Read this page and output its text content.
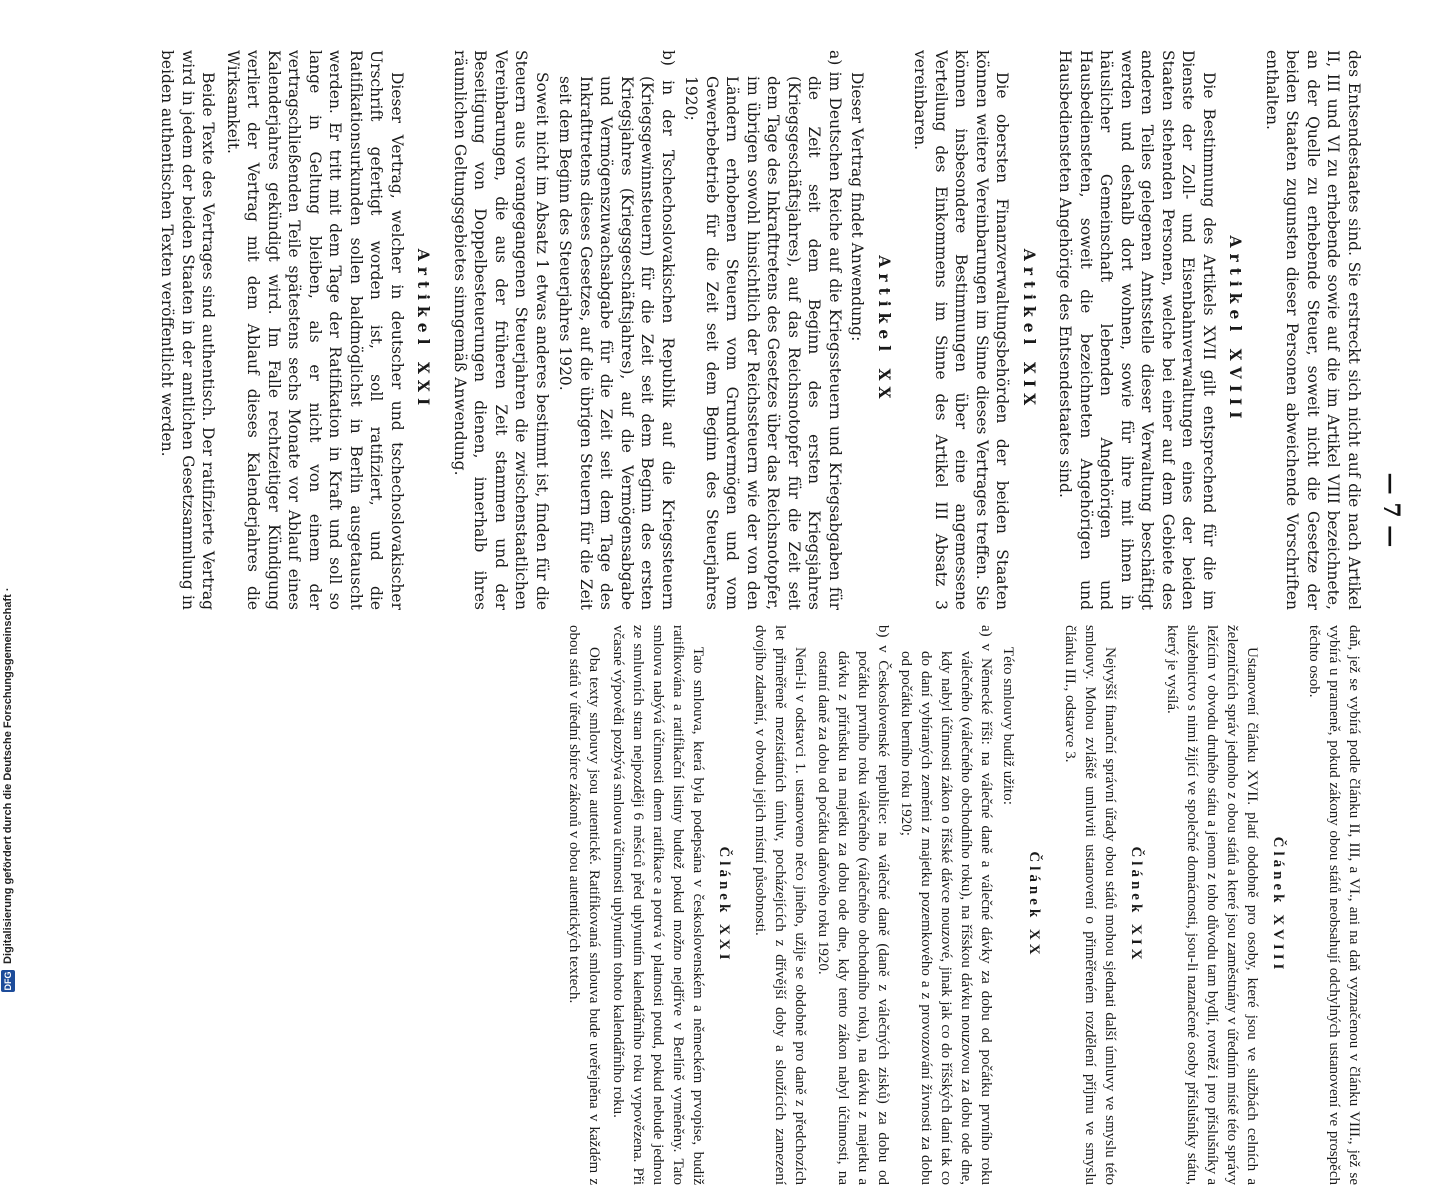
— 7 —

des Entsendestaates sind. Sie erstreckt sich nicht auf die nach Artikel II, III und VI zu erhebende sowie auf die im Artikel VIII bezeichnete, an der Quelle zu erhebende Steuer, soweit nicht die Gesetze der beiden Staaten zugunsten dieser Personen abweichende Vorschriften enthalten.

Artikel XVIII

Die Bestimmung des Artikels XVII gilt entsprechend für die im Dienste der Zoll- und Eisenbahnverwaltungen eines der beiden Staaten stehenden Personen, welche bei einer auf dem Gebiete des anderen Teiles gelegenen Amtsstelle dieser Verwaltung beschäftigt werden und deshalb dort wohnen, sowie für ihre mit ihnen in häuslicher Gemeinschaft lebenden Angehörigen und Hausbediensteten, soweit die bezeichneten Angehörigen und Hausbediensteten Angehörige des Entsendestaates sind.

Artikel XIX

Die obersten Finanzverwaltungsbehörden der beiden Staaten können weitere Vereinbarungen im Sinne dieses Vertrages treffen. Sie können insbesondere Bestimmungen über eine angemessene Verteilung des Einkommens im Sinne des Artikel III Absatz 3 vereinbaren.

Artikel XX

Dieser Vertrag findet Anwendung:

a) im Deutschen Reiche auf die Kriegssteuern und Kriegsabgaben für die Zeit seit dem Beginn des ersten Kriegsjahres (Kriegsgeschäftsjahres), auf das Reichsnotopfer für die Zeit seit dem Tage des Inkrafttretens des Gesetzes über das Reichsnotopfer, im übrigen sowohl hinsichtlich der Reichssteuern wie der von den Ländern erhobenen Steuern vom Grundvermögen und vom Gewerbebetrieb für die Zeit seit dem Beginn des Steuerjahres 1920;

b) in der Tschechoslovakischen Republik auf die Kriegssteuern (Kriegsgewinnsteuern) für die Zeit seit dem Beginn des ersten Kriegsjahres (Kriegsgeschäftsjahres), auf die Vermögensabgabe und Vermögenszuwachsabgabe für die Zeit seit dem Tage des Inkrafttretens dieses Gesetzes, auf die übrigen Steuern für die Zeit seit dem Beginn des Steuerjahres 1920.

Soweit nicht im Absatz 1 etwas anderes bestimmt ist, finden für die Steuern aus vorangegangenen Steuerjahren die zwischenstaatlichen Vereinbarungen, die aus der früheren Zeit stammen und der Beseitigung von Doppelbesteuerungen dienen, innerhalb ihres räumlichen Geltungsgebietes sinngemäß Anwendung.

Artikel XXI

Dieser Vertrag, welcher in deutscher und tschechoslovakischer Urschrift gefertigt worden ist, soll ratifiziert, und die Ratifikationsurkunden sollen baldmöglichst in Berlin ausgetauscht werden. Er tritt mit dem Tage der Ratifikation in Kraft und soll so lange in Geltung bleiben, als er nicht von einem der vertragschließenden Teile spätestens sechs Monate vor Ablauf eines Kalenderjahres gekündigt wird. Im Falle rechtzeitiger Kündigung verliert der Vertrag mit dem Ablauf dieses Kalenderjahres die Wirksamkeit.

Beide Texte des Vertrages sind authentisch. Der ratifizierte Vertrag wird in jedem der beiden Staaten in der amtlichen Gesetzsammlung in beiden authentischen Texten veröffentlicht werden.

daň, jež se vybírá podle článku II, III, a VI., ani na daň vyznačenou v článku VIII., jež se vybírá u prameně, pokud zákony obou států neobsahují odchylných ustanovení ve prospěch těchto osob.

Článek XVIII

Ustanovení článku XVII. platí obdobně pro osoby, které jsou ve službách celních a železničních správ jednoho z obou států a které jsou zaměstnány v úředním místě této správy ležícím v obvodu druhého státu a jenom z toho důvodu tam bydlí, rovněž i pro příslušníky a služebnictvo s nimi žijící ve společné domácnosti, jsou-li naznačené osoby příslušníky státu, který je vysílá.

Článek XIX

Nejvyšší finanční správní úřady obou států mohou sjednati další úmluvy ve smyslu této smlouvy. Mohou zvláště umluviti ustanovení o přiměřeném rozdělení příjmu ve smyslu článku III., odstavce 3.

Článek XX

Této smlouvy budiž užito:

a) v Německé říši: na válečné daně a válečné dávky za dobu od počátku prvního roku válečného (válečného obchodního roku), na říšskou dávku nouzovou za dobu ode dne, kdy nabyl účinnosti zákon o říšské dávce nouzové, jinak jak co do říšských daní tak co do daní vybíraných zeměmi z majetku pozemkového a z provozování živnosti za dobu od počátku berního roku 1920;

b) v Československé republice: na válečné daně (daně z válečných zisků) za dobu od počátku prvního roku válečného (válečného obchodního roku), na dávku z majetku a dávku z přírůstku na majetku za dobu ode dne, kdy tento zákon nabyl účinnosti, na ostatní daně za dobu od počátku daňového roku 1920.

Není-li v odstavci 1. ustanoveno něco jiného, užije se obdobně pro daně z předchozích let přiměřeně mezistátních úmluv, pocházejících z dřívější doby a sloužících zamezení dvojího zdanění, v obvodu jejich místní působnosti.

Článek XXI

Tato smlouva, která byla podepsána v československém a německém prvopise, budiž ratifikována a ratifikační listiny budtež pokud možno nejdříve v Berlíně vyměněny. Tato smlouva nabývá účinnosti dnem ratifikace a potrvá v platnosti potud, pokud nebude jednou ze smluvních stran nejpozději 6 měsíců před uplynutím kalendářního roku vypovězena. Při včasné výpovědi pozbývá smlouva účinnosti uplynutím tohoto kalendářního roku.

Oba texty smlouvy jsou autentické. Ratifikovaná smlouva bude uveřejněna v každém z obou států v úřední sbírce zákonů v obou autentických textech.

DFG
Digitalisierung gefördert durch die Deutsche Forschungsgemeinschaft ·
